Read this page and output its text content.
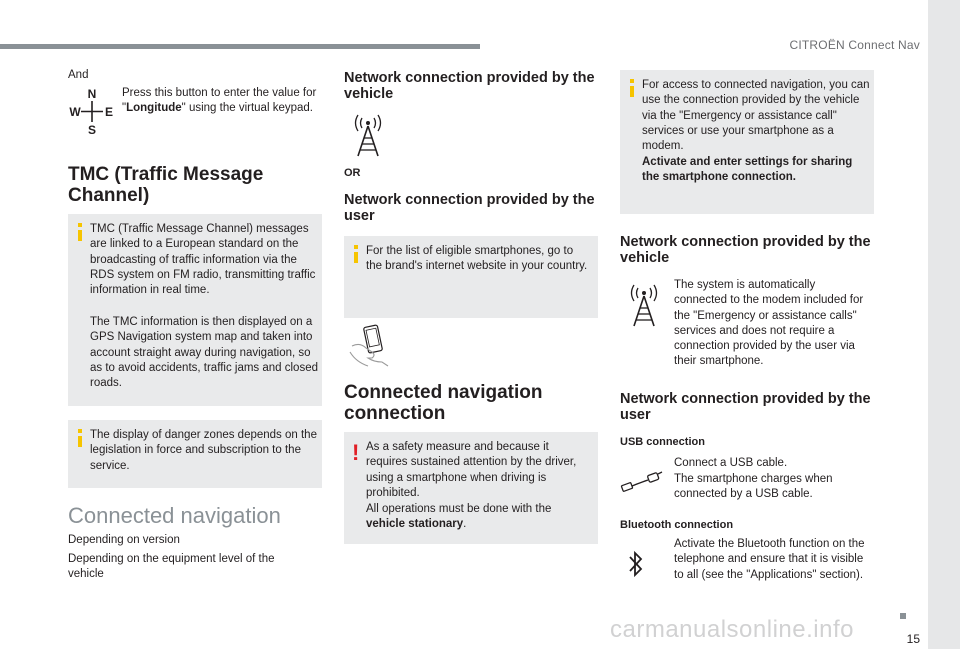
CITROËN Connect Nav
15
And
N
W E
S
Press this button to enter the value for "Longitude" using the virtual keypad.
TMC (Traffic Message Channel)
TMC (Traffic Message Channel) messages are linked to a European standard on the broadcasting of traffic information via the RDS system on FM radio, transmitting traffic information in real time.
The TMC information is then displayed on a GPS Navigation system map and taken into account straight away during navigation, so as to avoid accidents, traffic jams and closed roads.
The display of danger zones depends on the legislation in force and subscription to the service.
Connected navigation
Depending on version
Depending on the equipment level of the vehicle
Network connection provided by the vehicle
OR
Network connection provided by the user
For the list of eligible smartphones, go to the brand's internet website in your country.
Connected navigation connection
! As a safety measure and because it requires sustained attention by the driver, using a smartphone when driving is prohibited.
All operations must be done with the vehicle stationary.
For access to connected navigation, you can use the connection provided by the vehicle via the "Emergency or assistance call" services or use your smartphone as a modem.
Activate and enter settings for sharing the smartphone connection.
Network connection provided by the vehicle
The system is automatically connected to the modem included for the "Emergency or assistance calls" services and does not require a connection provided by the user via their smartphone.
Network connection provided by the user
USB connection
Connect a USB cable.
The smartphone charges when connected by a USB cable.
Bluetooth connection
Activate the Bluetooth function on the telephone and ensure that it is visible to all (see the "Applications" section).
carmanualsonline.info
